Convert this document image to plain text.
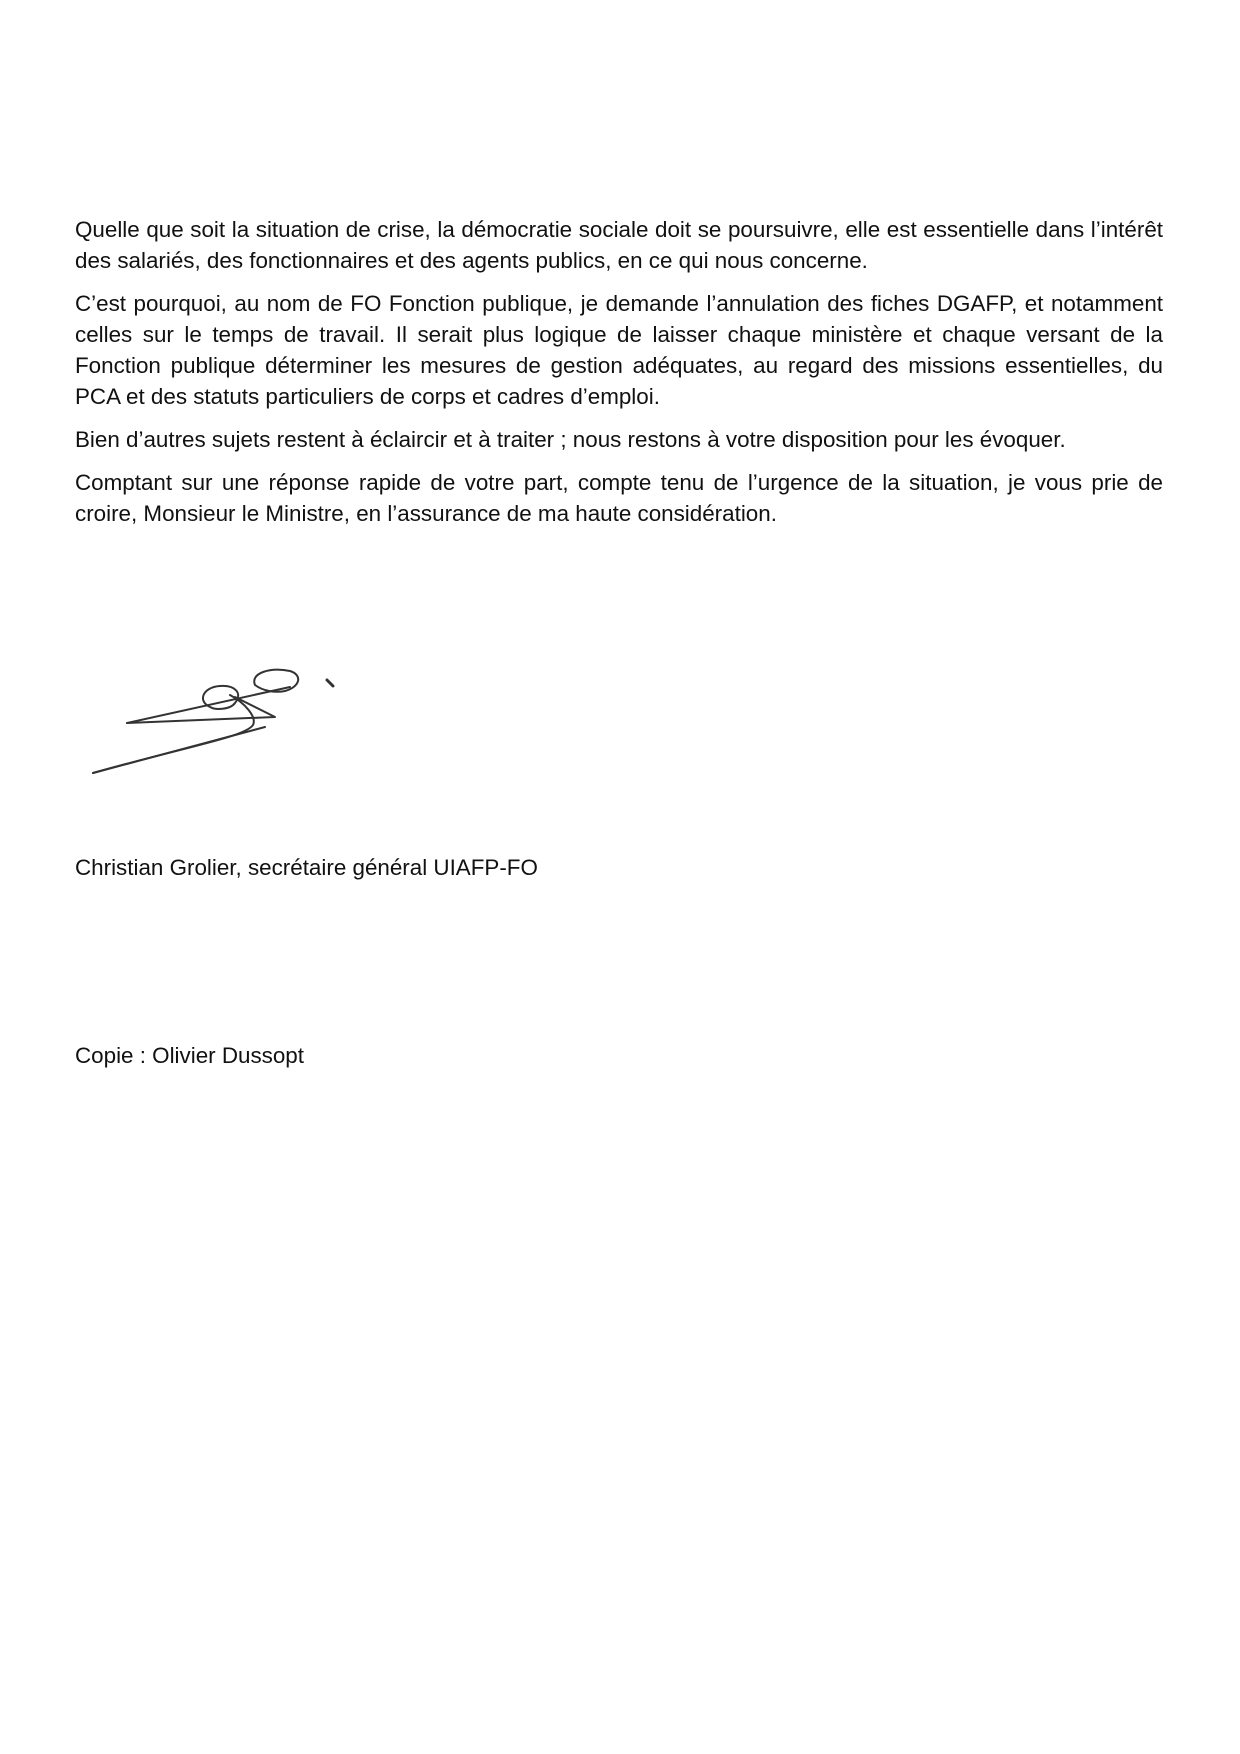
Quelle que soit la situation de crise, la démocratie sociale doit se poursuivre, elle est essentielle dans l’intérêt des salariés, des fonctionnaires et des agents publics, en ce qui nous concerne.

C’est pourquoi, au nom de FO Fonction publique, je demande l’annulation des fiches DGAFP, et notamment celles sur le temps de travail. Il serait plus logique de laisser chaque ministère et chaque versant de la Fonction publique déterminer les mesures de gestion adéquates, au regard des missions essentielles, du PCA et des statuts particuliers de corps et cadres d’emploi.

Bien d’autres sujets restent à éclaircir et à traiter ; nous restons à votre disposition pour les évoquer.

Comptant sur une réponse rapide de votre part, compte tenu de l’urgence de la situation, je vous prie de croire, Monsieur le Ministre, en l’assurance de ma haute considération.

Christian Grolier, secrétaire général UIAFP-FO
Copie : Olivier Dussopt
